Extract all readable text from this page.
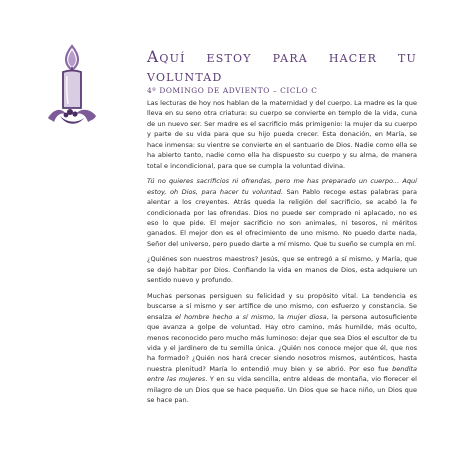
Aquí estoy para hacer tu voluntad
4º DOMINGO DE ADVIENTO – CICLO C

Las lecturas de hoy nos hablan de la maternidad y del cuerpo. La madre es la que lleva en su seno otra criatura: su cuerpo se convierte en templo de la vida, cuna de un nuevo ser. Ser madre es el sacrificio más primigenio: la mujer da su cuerpo y parte de su vida para que su hijo pueda crecer. Esta donación, en María, se hace inmensa: su vientre se convierte en el santuario de Dios. Nadie como ella se ha abierto tanto, nadie como ella ha dispuesto su cuerpo y su alma, de manera total e incondicional, para que se cumpla la voluntad divina.

Tú no quieres sacrificios ni ofrendas, pero me has preparado un cuerpo... Aquí estoy, oh Dios, para hacer tu voluntad. San Pablo recoge estas palabras para alentar a los creyentes. Atrás queda la religión del sacrificio, se acabó la fe condicionada por las ofrendas. Dios no puede ser comprado ni aplacado, no es eso lo que pide. El mejor sacrificio no son animales, ni tesoros, ni méritos ganados. El mejor don es el ofrecimiento de uno mismo. No puedo darte nada, Señor del universo, pero puedo darte a mí mismo. Que tu sueño se cumpla en mí.

¿Quiénes son nuestros maestros? Jesús, que se entregó a sí mismo, y María, que se dejó habitar por Dios. Confiando la vida en manos de Dios, esta adquiere un sentido nuevo y profundo.

Muchas personas persiguen su felicidad y su propósito vital. La tendencia es buscarse a sí mismo y ser artífice de uno mismo, con esfuerzo y constancia. Se ensalza el hombre hecho a sí mismo, la mujer diosa, la persona autosuficiente que avanza a golpe de voluntad. Hay otro camino, más humilde, más oculto, menos reconocido pero mucho más luminoso: dejar que sea Dios el escultor de tu vida y el jardinero de tu semilla única. ¿Quién nos conoce mejor que él, que nos ha formado? ¿Quién nos hará crecer siendo nosotros mismos, auténticos, hasta nuestra plenitud? María lo entendió muy bien y se abrió. Por eso fue bendita entre las mujeres. Y en su vida sencilla, entre aldeas de montaña, vio florecer el milagro de un Dios que se hace pequeño. Un Dios que se hace niño, un Dios que se hace pan.
